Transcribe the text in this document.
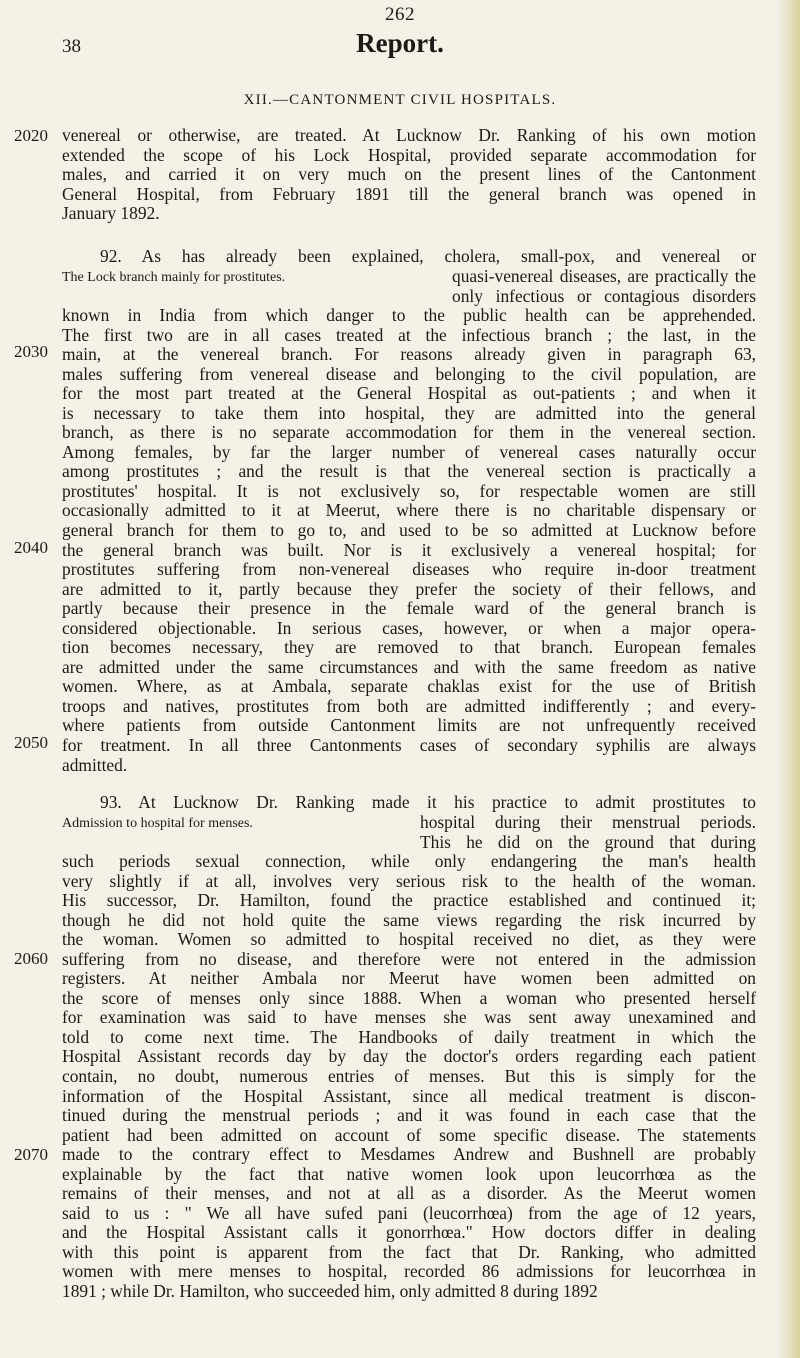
262
38	Report.
XII.—CANTONMENT CIVIL HOSPITALS.
2020
2030
2040
2050
2060
2070
venereal or otherwise, are treated. At Lucknow Dr. Ranking of his own motion
extended the scope of his Lock Hospital, provided separate accommodation for
males, and carried it on very much on the present lines of the Cantonment
General Hospital, from February 1891 till the general branch was opened in
January 1892.
92. As has already been explained, cholera, small-pox, and venereal or
The Lock branch mainly for prostitutes.	quasi-venereal diseases, are practically the
only infectious or contagious disorders
known in India from which danger to the public health can be apprehended.
The first two are in all cases treated at the infectious branch ; the last, in the
main, at the venereal branch. For reasons already given in paragraph 63,
males suffering from venereal disease and belonging to the civil population, are
for the most part treated at the General Hospital as out-patients ; and when it
is necessary to take them into hospital, they are admitted into the general
branch, as there is no separate accommodation for them in the venereal section.
Among females, by far the larger number of venereal cases naturally occur
among prostitutes ; and the result is that the venereal section is practically a
prostitutes' hospital. It is not exclusively so, for respectable women are still
occasionally admitted to it at Meerut, where there is no charitable dispensary or
general branch for them to go to, and used to be so admitted at Lucknow before
the general branch was built. Nor is it exclusively a venereal hospital; for
prostitutes suffering from non-venereal diseases who require in-door treatment
are admitted to it, partly because they prefer the society of their fellows, and
partly because their presence in the female ward of the general branch is
considered objectionable. In serious cases, however, or when a major opera-
tion becomes necessary, they are removed to that branch. European females
are admitted under the same circumstances and with the same freedom as native
women. Where, as at Ambala, separate chaklas exist for the use of British
troops and natives, prostitutes from both are admitted indifferently ; and every-
where patients from outside Cantonment limits are not unfrequently received
for treatment. In all three Cantonments cases of secondary syphilis are always
admitted.
93. At Lucknow Dr. Ranking made it his practice to admit prostitutes to
Admission to hospital for menses.	hospital during their menstrual periods.
This he did on the ground that during
such periods sexual connection, while only endangering the man's health
very slightly if at all, involves very serious risk to the health of the woman.
His successor, Dr. Hamilton, found the practice established and continued it;
though he did not hold quite the same views regarding the risk incurred by
the woman. Women so admitted to hospital received no diet, as they were
suffering from no disease, and therefore were not entered in the admission
registers. At neither Ambala nor Meerut have women been admitted on
the score of menses only since 1888. When a woman who presented herself
for examination was said to have menses she was sent away unexamined and
told to come next time. The Handbooks of daily treatment in which the
Hospital Assistant records day by day the doctor's orders regarding each patient
contain, no doubt, numerous entries of menses. But this is simply for the
information of the Hospital Assistant, since all medical treatment is discon-
tinued during the menstrual periods ; and it was found in each case that the
patient had been admitted on account of some specific disease. The statements
made to the contrary effect to Mesdames Andrew and Bushnell are probably
explainable by the fact that native women look upon leucorrhœa as the
remains of their menses, and not at all as a disorder. As the Meerut women
said to us : " We all have sufed pani (leucorrhœa) from the age of 12 years,
and the Hospital Assistant calls it gonorrhœa." How doctors differ in dealing
with this point is apparent from the fact that Dr. Ranking, who admitted
women with mere menses to hospital, recorded 86 admissions for leucorrhœa in
1891 ; while Dr. Hamilton, who succeeded him, only admitted 8 during 1892
